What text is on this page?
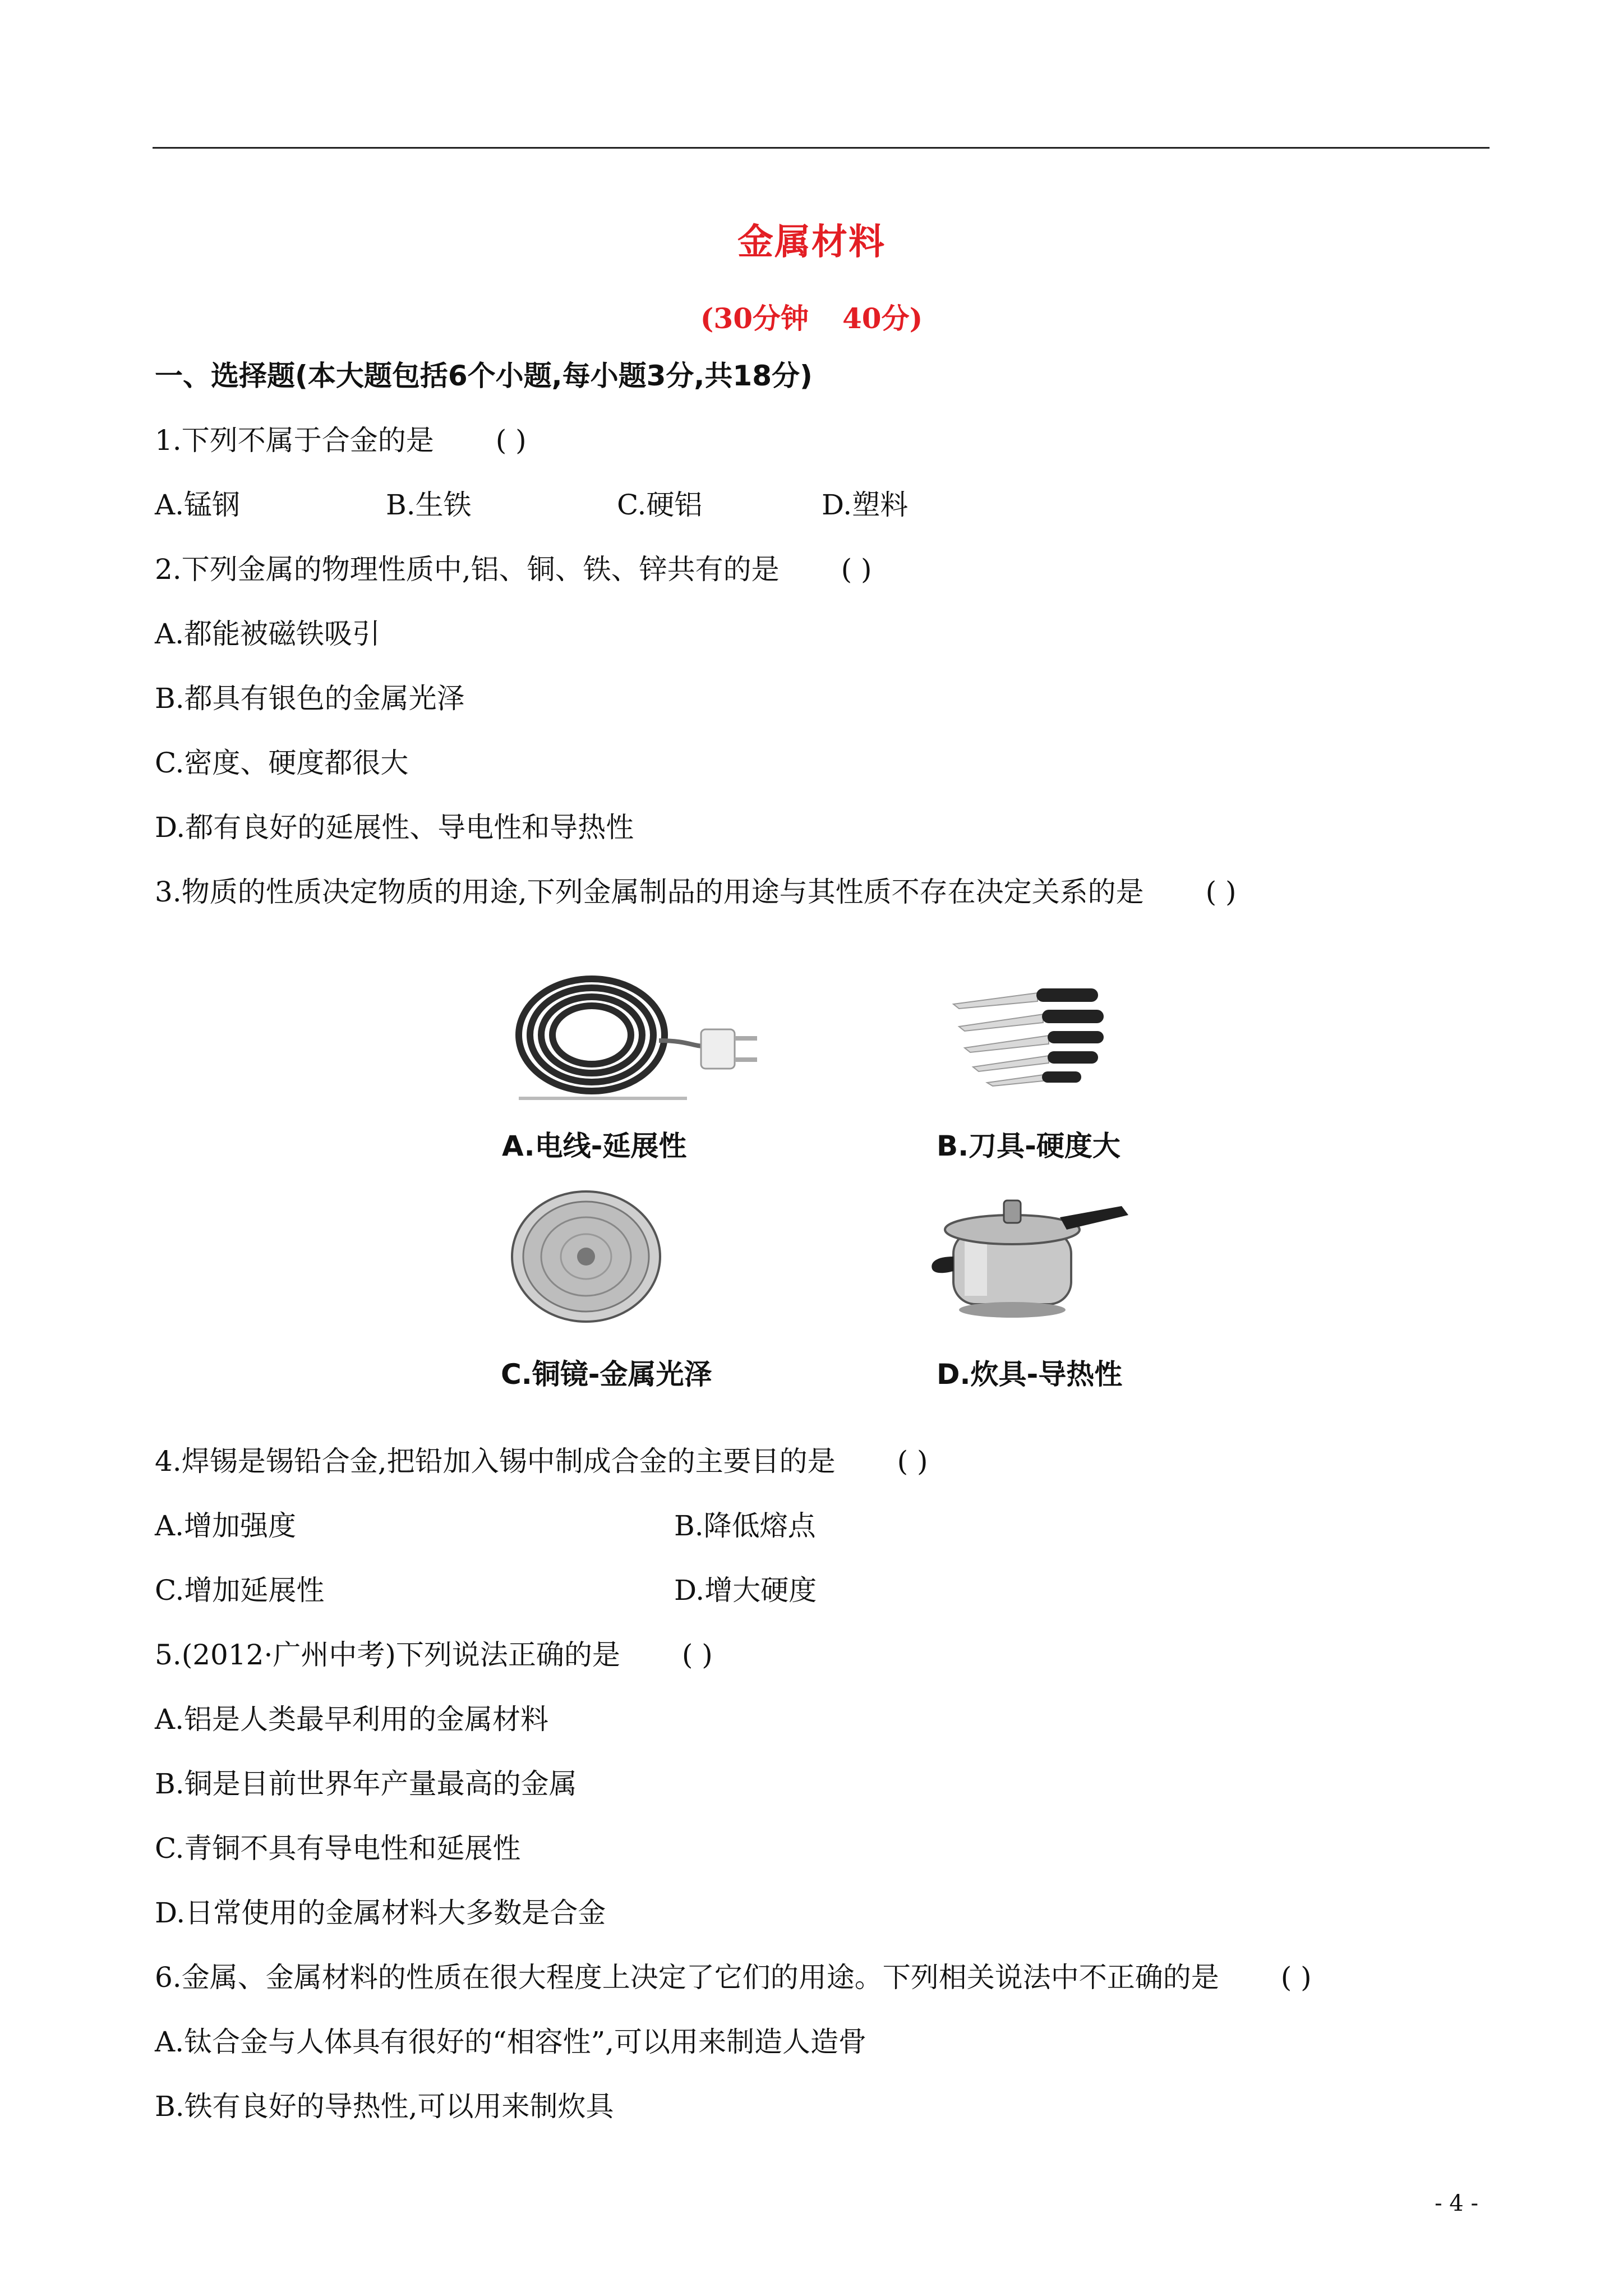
金属材料
(30分钟 40分)
一、选择题(本大题包括6个小题,每小题3分,共18分)
1.下列不属于合金的是 ( )
A.锰钢	B.生铁	C.硬铝	D.塑料
2.下列金属的物理性质中,铝、铜、铁、锌共有的是 ( )
A.都能被磁铁吸引
B.都具有银色的金属光泽
C.密度、硬度都很大
D.都有良好的延展性、导电性和导热性
3.物质的性质决定物质的用途,下列金属制品的用途与其性质不存在决定关系的是 ( )
A.电线-延展性	B.刀具-硬度大
C.铜镜-金属光泽	D.炊具-导热性
4.焊锡是锡铅合金,把铅加入锡中制成合金的主要目的是 ( )
A.增加强度	B.降低熔点
C.增加延展性	D.增大硬度
5.(2012·广州中考)下列说法正确的是 ( )
A.铝是人类最早利用的金属材料
B.铜是目前世界年产量最高的金属
C.青铜不具有导电性和延展性
D.日常使用的金属材料大多数是合金
6.金属、金属材料的性质在很大程度上决定了它们的用途。下列相关说法中不正确的是 ( )
A.钛合金与人体具有很好的“相容性”,可以用来制造人造骨
B.铁有良好的导热性,可以用来制炊具
- 4 -
